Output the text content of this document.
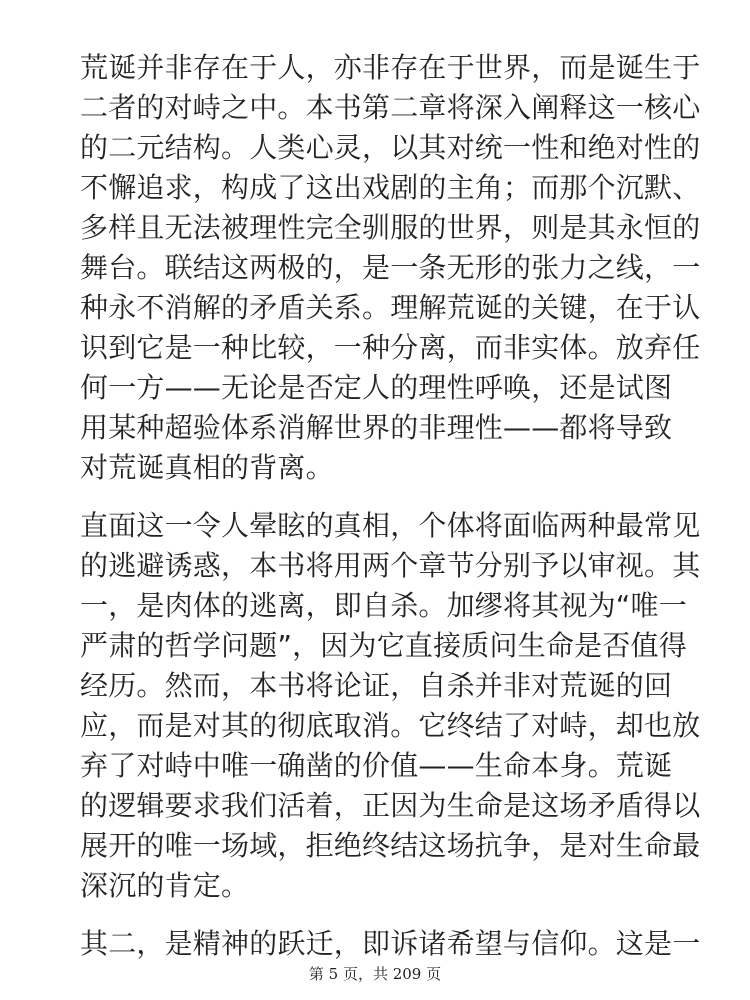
荒诞并非存在于人，亦非存在于世界，而是诞生于
二者的对峙之中。本书第二章将深入阐释这一核心
的二元结构。人类心灵，以其对统一性和绝对性的
不懈追求，构成了这出戏剧的主角；而那个沉默、
多样且无法被理性完全驯服的世界，则是其永恒的
舞台。联结这两极的，是一条无形的张力之线，一
种永不消解的矛盾关系。理解荒诞的关键，在于认
识到它是一种比较，一种分离，而非实体。放弃任
何一方——无论是否定人的理性呼唤，还是试图
用某种超验体系消解世界的非理性——都将导致
对荒诞真相的背离。
直面这一令人晕眩的真相，个体将面临两种最常见
的逃避诱惑，本书将用两个章节分别予以审视。其
一，是肉体的逃离，即自杀。加缪将其视为“唯一
严肃的哲学问题”，因为它直接质问生命是否值得
经历。然而，本书将论证，自杀并非对荒诞的回
应，而是对其的彻底取消。它终结了对峙，却也放
弃了对峙中唯一确凿的价值——生命本身。荒诞
的逻辑要求我们活着，正因为生命是这场矛盾得以
展开的唯一场域，拒绝终结这场抗争，是对生命最
深沉的肯定。
其二，是精神的跃迁，即诉诸希望与信仰。这是一
第 5 页，共 209 页
